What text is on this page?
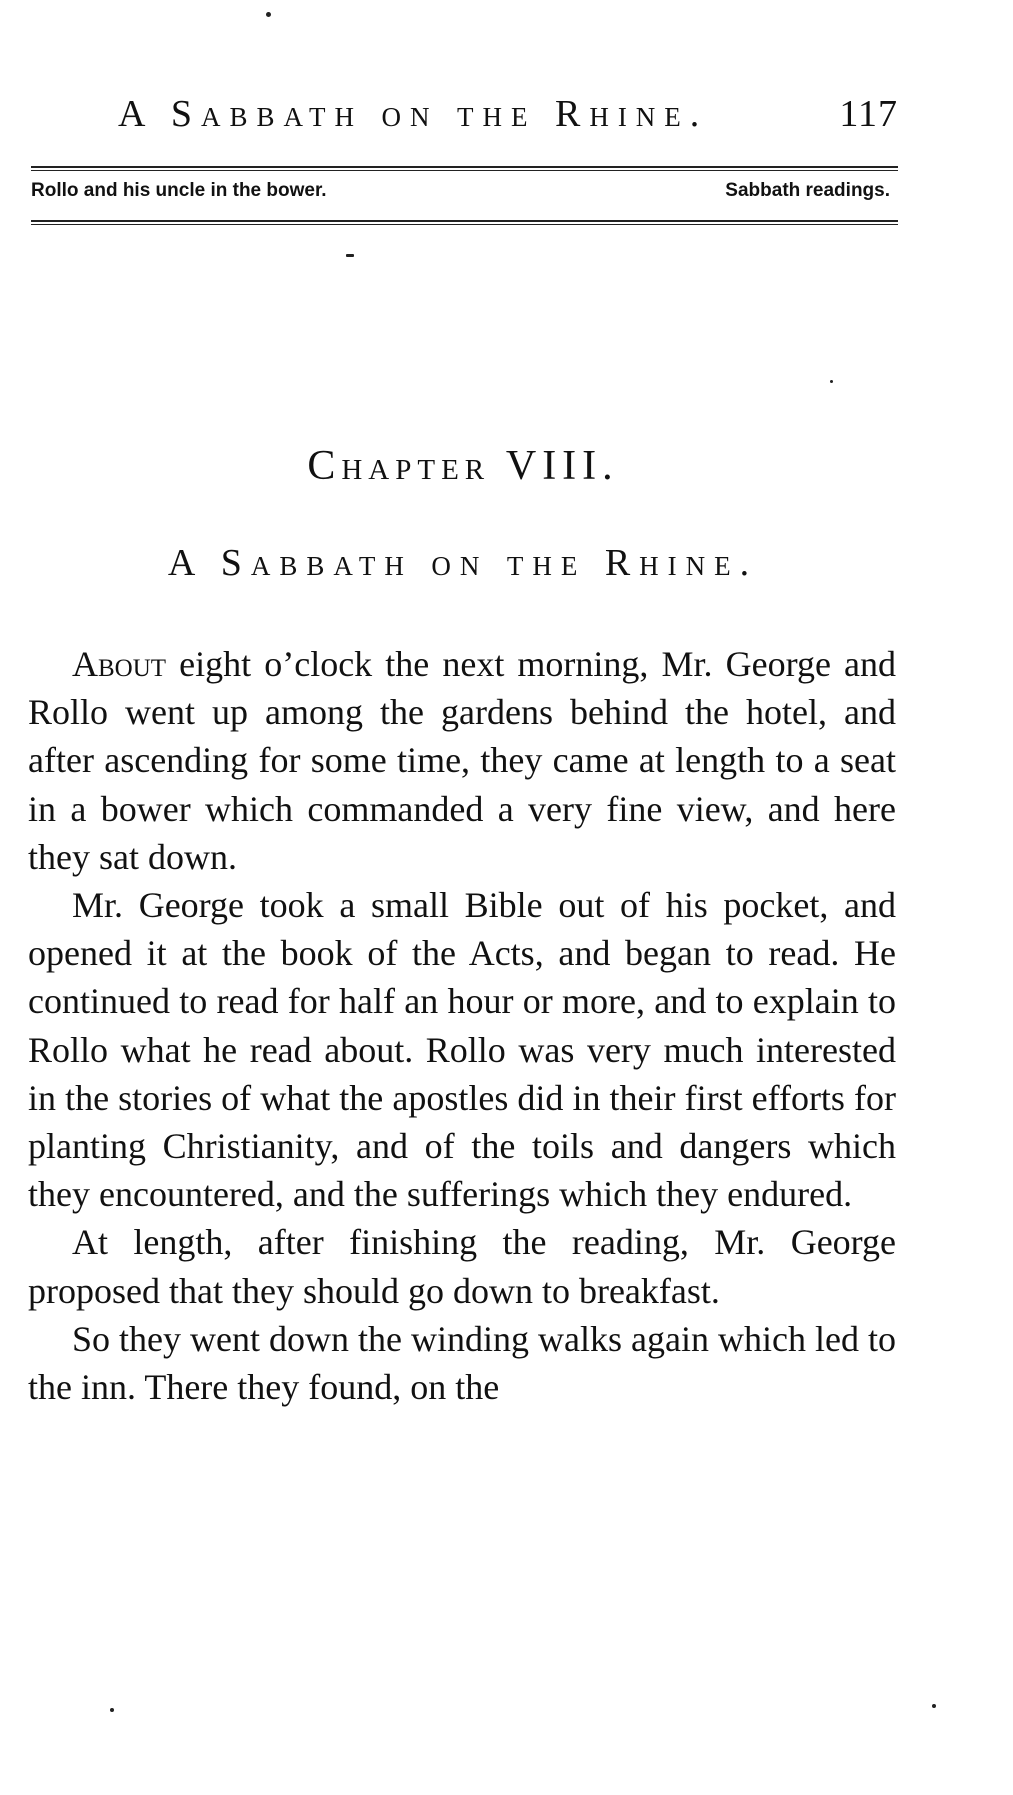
A Sabbath on the Rhine.	117
Rollo and his uncle in the bower.	Sabbath readings.
Chapter VIII.
A Sabbath on the Rhine.

About eight o’clock the next morning, Mr. George and Rollo went up among the gardens behind the hotel, and after ascending for some time, they came at length to a seat in a bower which commanded a very fine view, and here they sat down.

Mr. George took a small Bible out of his pocket, and opened it at the book of the Acts, and began to read. He continued to read for half an hour or more, and to explain to Rollo what he read about. Rollo was very much interested in the stories of what the apostles did in their first efforts for planting Christianity, and of the toils and dangers which they encountered, and the sufferings which they endured.

At length, after finishing the reading, Mr. George proposed that they should go down to breakfast.

So they went down the winding walks again which led to the inn. There they found, on the
